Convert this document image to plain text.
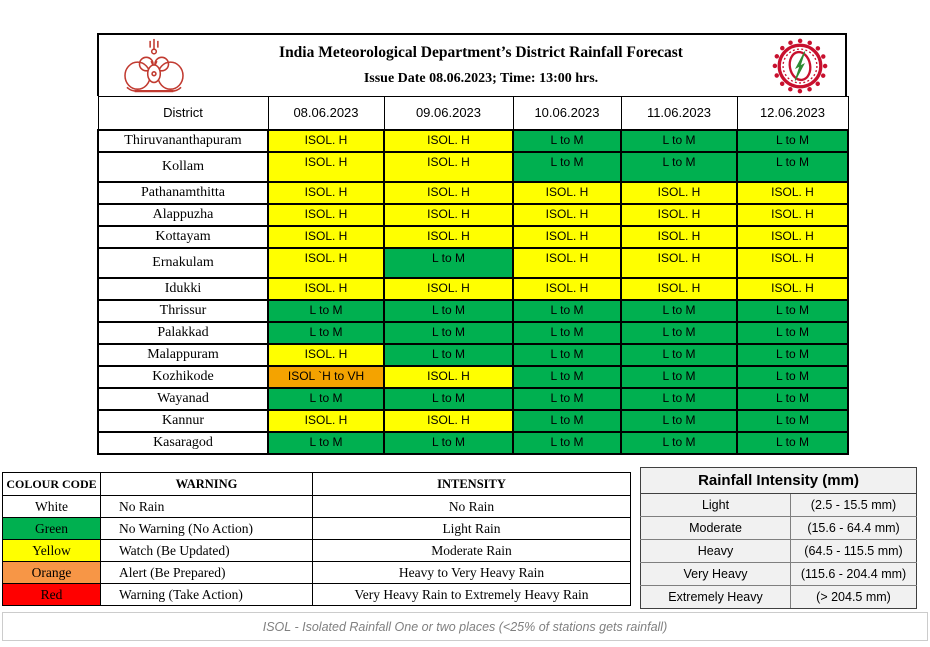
India Meteorological Department’s District Rainfall Forecast
Issue Date 08.06.2023; Time: 13:00 hrs.
District	08.06.2023	09.06.2023	10.06.2023	11.06.2023	12.06.2023
Thiruvananthapuram	ISOL. H	ISOL. H	L to M	L to M	L to M
Kollam	ISOL. H	ISOL. H	L to M	L to M	L to M
Pathanamthitta	ISOL. H	ISOL. H	ISOL. H	ISOL. H	ISOL. H
Alappuzha	ISOL. H	ISOL. H	ISOL. H	ISOL. H	ISOL. H
Kottayam	ISOL. H	ISOL. H	ISOL. H	ISOL. H	ISOL. H
Ernakulam	ISOL. H	L to M	ISOL. H	ISOL. H	ISOL. H
Idukki	ISOL. H	ISOL. H	ISOL. H	ISOL. H	ISOL. H
Thrissur	L to M	L to M	L to M	L to M	L to M
Palakkad	L to M	L to M	L to M	L to M	L to M
Malappuram	ISOL. H	L to M	L to M	L to M	L to M
Kozhikode	ISOL `H to VH	ISOL. H	L to M	L to M	L to M
Wayanad	L to M	L to M	L to M	L to M	L to M
Kannur	ISOL. H	ISOL. H	L to M	L to M	L to M
Kasaragod	L to M	L to M	L to M	L to M	L to M
COLOUR CODE	WARNING	INTENSITY
White	No Rain	No Rain
Green	No Warning (No Action)	Light Rain
Yellow	Watch (Be Updated)	Moderate Rain
Orange	Alert (Be Prepared)	Heavy to Very Heavy Rain
Red	Warning (Take Action)	Very Heavy Rain to Extremely Heavy Rain
Rainfall Intensity (mm)	
Light	(2.5 - 15.5 mm)
Moderate	(15.6 - 64.4 mm)
Heavy	(64.5 - 115.5 mm)
Very Heavy	(115.6 - 204.4 mm)
Extremely Heavy	(> 204.5 mm)
ISOL - Isolated Rainfall One or two places (<25% of stations gets rainfall)
